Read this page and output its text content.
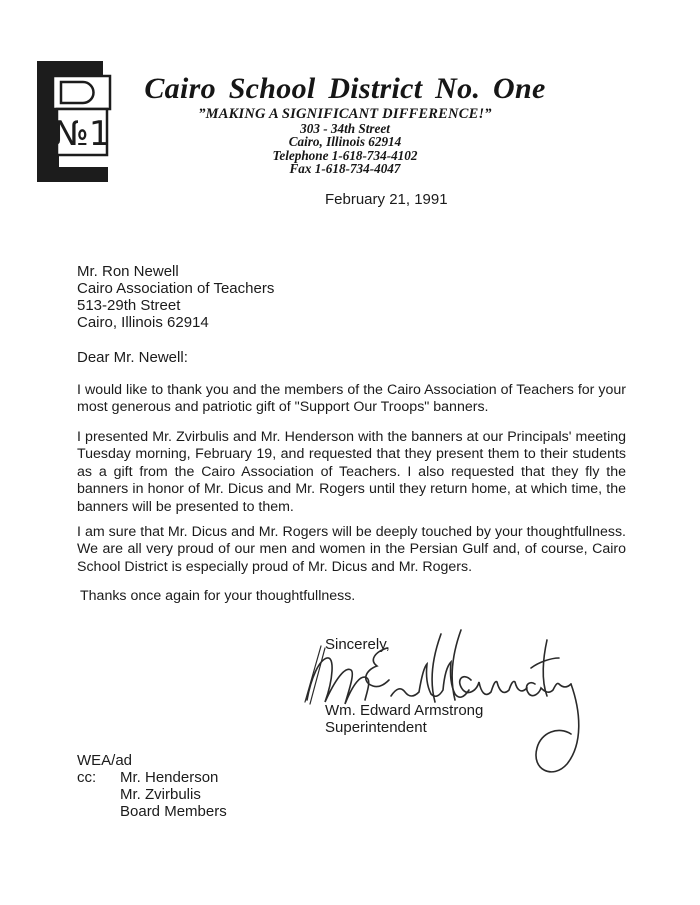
№1
Cairo School District No. One
”MAKING A SIGNIFICANT DIFFERENCE!”
303 - 34th Street
Cairo, Illinois 62914
Telephone 1-618-734-4102
Fax 1-618-734-4047
February 21, 1991
Mr. Ron Newell
Cairo Association of Teachers
513-29th Street
Cairo, Illinois 62914
Dear Mr. Newell:

I would like to thank you and the members of the Cairo Association of Teachers for your most generous and patriotic gift of "Support Our Troops" banners.

I presented Mr. Zvirbulis and Mr. Henderson with the banners at our Principals' meeting Tuesday morning, February 19, and requested that they present them to their students as a gift from the Cairo Association of Teachers. I also requested that they fly the banners in honor of Mr. Dicus and Mr. Rogers until they return home, at which time, the banners will be presented to them.

I am sure that Mr. Dicus and Mr. Rogers will be deeply touched by your thoughtfullness. We are all very proud of our men and women in the Persian Gulf and, of course, Cairo School District is especially proud of Mr. Dicus and Mr. Rogers.

Thanks once again for your thoughtfullness.

Sincerely,
Wm. Edward Armstrong
Superintendent
WEA/ad
cc: Mr. Henderson
Mr. Zvirbulis
Board Members
